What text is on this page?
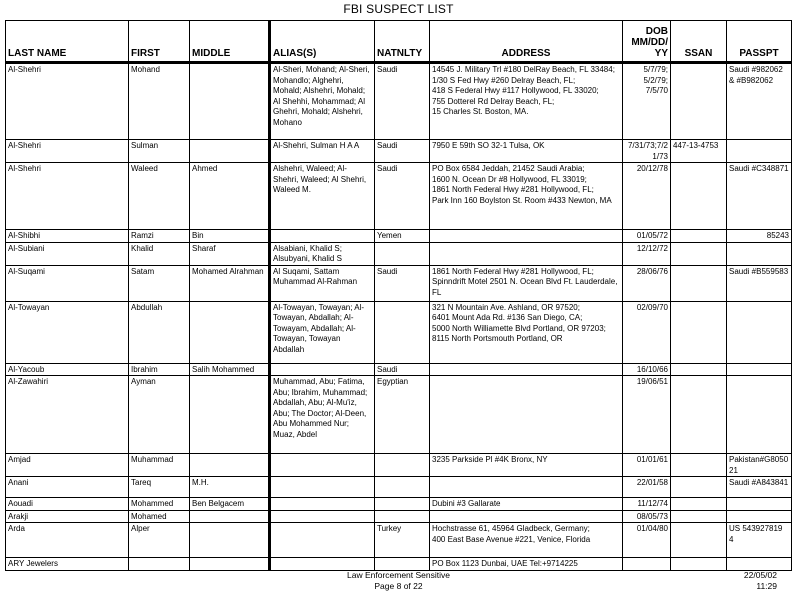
FBI SUSPECT LIST
LAST NAME	FIRST	MIDDLE	ALIAS(S)	NATNLTY	ADDRESS	DOB
MM/DD/
YY	SSAN	PASSPT
Al-Shehri	Mohand		Al-Sheri, Mohand; Al-Sheri, Mohandlo; Alghehri, Mohald; Alshehri, Mohald; Al Shehhi, Mohammad; Al Ghehri, Mohald; Alshehri, Mohano	Saudi	14545 J. Military Trl #180 DelRay Beach, FL 33484;
1/30 S Fed Hwy #260 Delray Beach, FL;
418 S Federal Hwy #117 Hollywood, FL 33020;
755 Dotterel Rd Delray Beach, FL;
15 Charles St. Boston, MA.	5/7/79;
5/2/79;
7/5/70		Saudi #982062 & #B982062
Al-Shehri	Sulman		Al-Shehri, Sulman H A A	Saudi	7950 E 59th SO 32-1 Tulsa, OK	7/31/73;7/2
1/73	447-13-4753	
Al-Shehri	Waleed	Ahmed	Alshehri, Waleed; Al-Shehri, Waleed; Al Shehri, Waleed M.	Saudi	PO Box 6584 Jeddah, 21452 Saudi Arabia;
1600 N. Ocean Dr #8 Hollywood, FL 33019;
1861 North Federal Hwy #281 Hollywood, FL;
Park Inn 160 Boylston St. Room #433 Newton, MA	20/12/78		Saudi #C348871
Al-Shibhi	Ramzi	Bin		Yemen		01/05/72		85243
Al-Subiani	Khalid	Sharaf	Alsabiani, Khalid S; Alsubyani, Khalid S			12/12/72		

Al-Suqami	Satam	Mohamed Alrahman	Al Suqami, Sattam Muhammad Al-Rahman	Saudi	1861 North Federal Hwy #281 Hollywood, FL;
Spinndrift Motel 2501 N. Ocean Blvd Ft. Lauderdale, FL	28/06/76		Saudi #B559583
Al-Towayan	Abdullah		Al-Towayan, Towayan; Al-Towayan, Abdallah; Al-Towayam, Abdallah; Al-Towayan, Towayan Abdallah		321 N Mountain Ave. Ashland, OR 97520;
6401 Mount Ada Rd. #136 San Diego, CA;
5000 North Williamette Blvd Portland, OR 97203;
8115 North Portsmouth Portland, OR	02/09/70		

Al-Yacoub	Ibrahim	Salih Mohammed		Saudi		16/10/66		

Al-Zawahiri	Ayman		Muhammad, Abu; Fatima, Abu; Ibrahim, Muhammad; Abdallah, Abu; Al-Mu'iz, Abu; The Doctor; Al-Deen, Abu Mohammed Nur; Muaz, Abdel	Egyptian		19/06/51		

Amjad	Muhammad				3235 Parkside Pl #4K Bronx, NY	01/01/61		Pakistan#G805021
Anani	Tareq	M.H.				22/01/58		Saudi #A843841
Aouadi	Mohammed	Ben Belgacem			Dubini #3 Gallarate	11/12/74		

Arakji	Mohamed					08/05/73		

Arda	Alper			Turkey	Hochstrasse 61, 45964 Gladbeck, Germany;
400 East Base Avenue #221, Venice, Florida	01/04/80		US 543927819 4
ARY Jewelers					PO Box 1123 Dunbai, UAE Tel:+9714225			

Law Enforcement Sensitive
Page 8 of 22
22/05/02
11:29
